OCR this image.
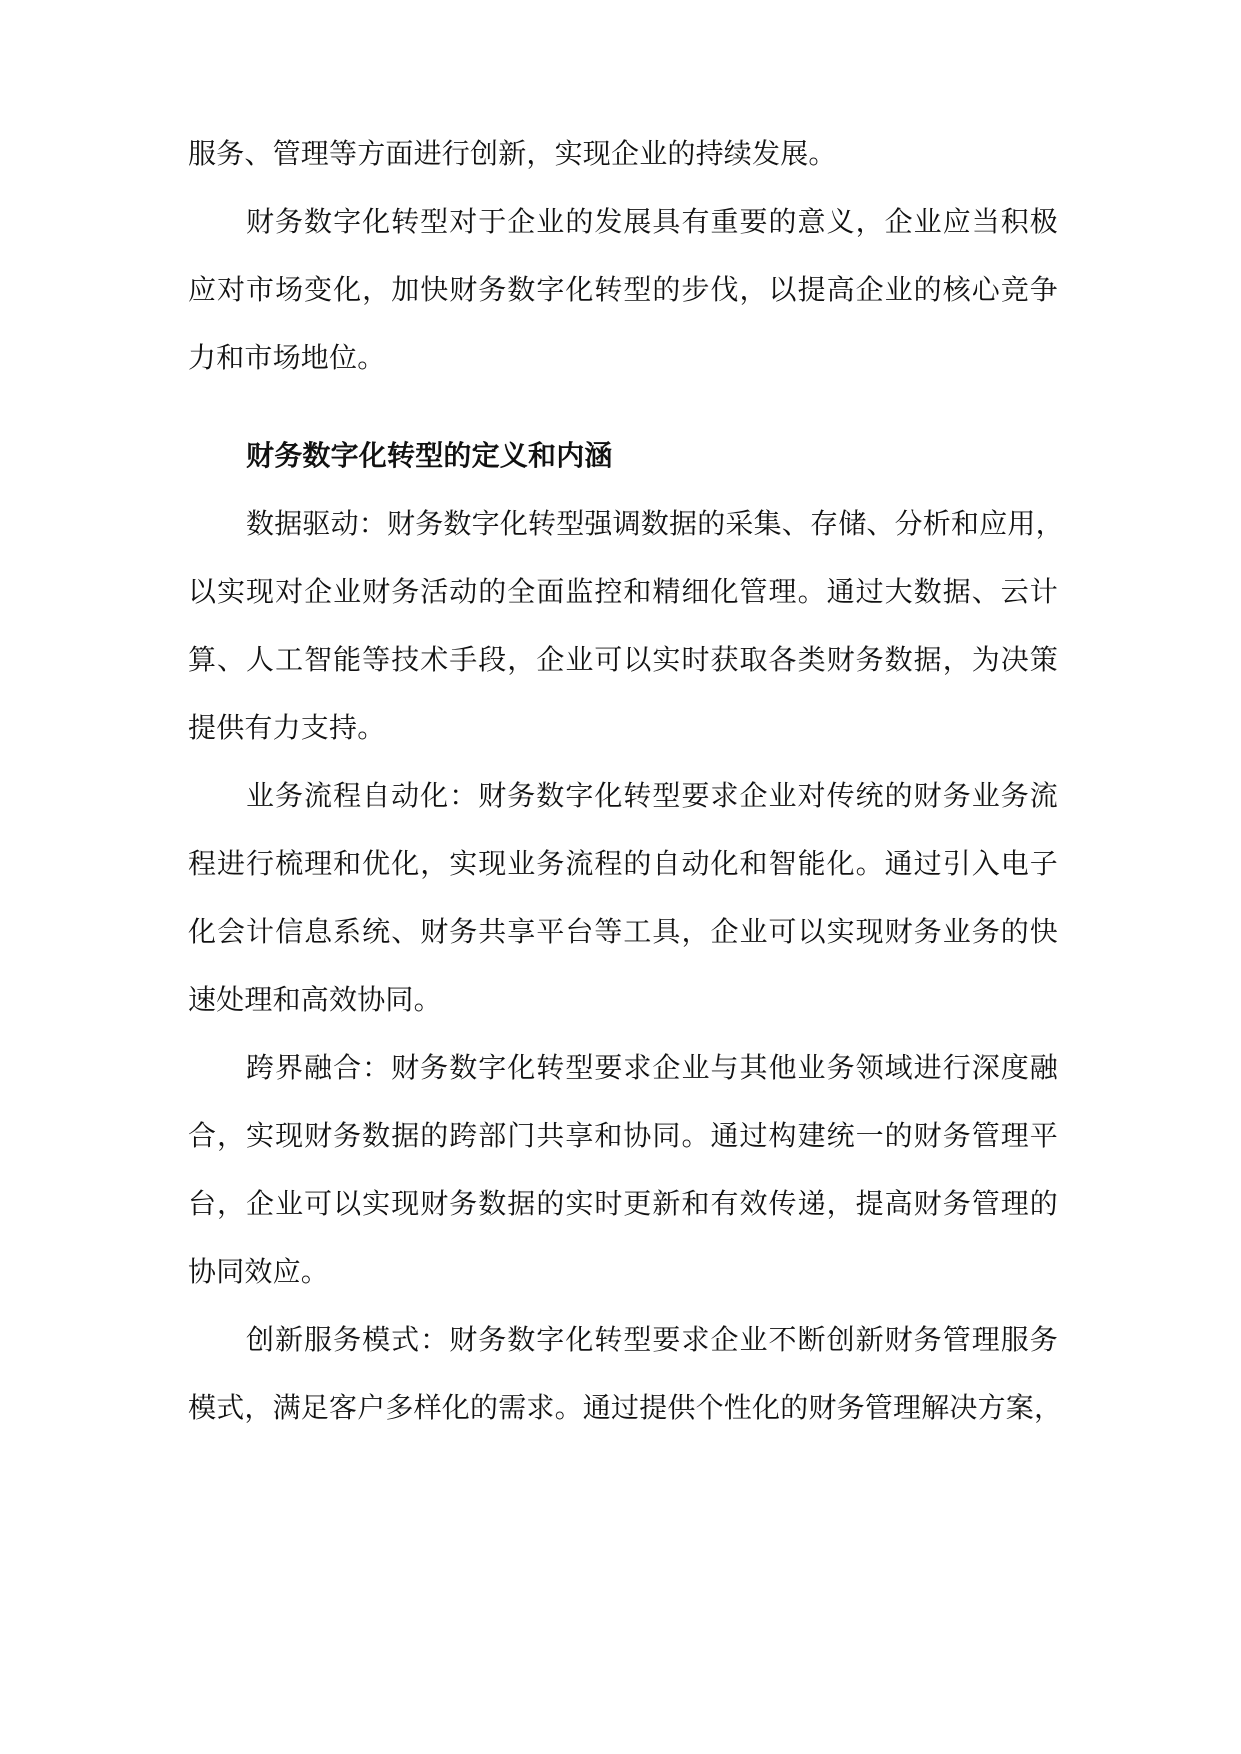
服务、管理等方面进行创新，实现企业的持续发展。
财务数字化转型对于企业的发展具有重要的意义，企业应当积极
应对市场变化，加快财务数字化转型的步伐，以提高企业的核心竞争
力和市场地位。
财务数字化转型的定义和内涵
数据驱动：财务数字化转型强调数据的采集、存储、分析和应用，
以实现对企业财务活动的全面监控和精细化管理。通过大数据、云计
算、人工智能等技术手段，企业可以实时获取各类财务数据，为决策
提供有力支持。
业务流程自动化：财务数字化转型要求企业对传统的财务业务流
程进行梳理和优化，实现业务流程的自动化和智能化。通过引入电子
化会计信息系统、财务共享平台等工具，企业可以实现财务业务的快
速处理和高效协同。
跨界融合：财务数字化转型要求企业与其他业务领域进行深度融
合，实现财务数据的跨部门共享和协同。通过构建统一的财务管理平
台，企业可以实现财务数据的实时更新和有效传递，提高财务管理的
协同效应。
创新服务模式：财务数字化转型要求企业不断创新财务管理服务
模式，满足客户多样化的需求。通过提供个性化的财务管理解决方案，
